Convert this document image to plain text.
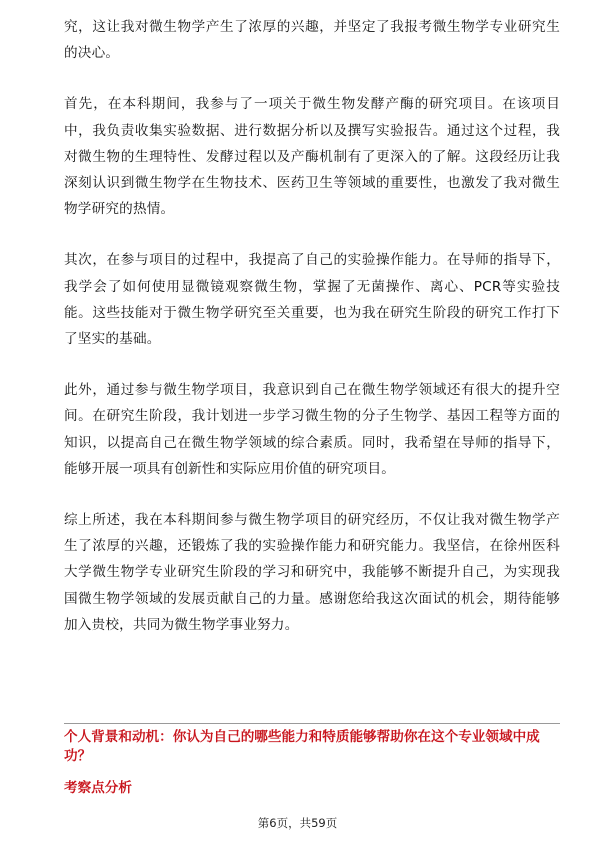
究，这让我对微生物学产生了浓厚的兴趣，并坚定了我报考微生物学专业研究生的决心。

首先，在本科期间，我参与了一项关于微生物发酵产酶的研究项目。在该项目中，我负责收集实验数据、进行数据分析以及撰写实验报告。通过这个过程，我对微生物的生理特性、发酵过程以及产酶机制有了更深入的了解。这段经历让我深刻认识到微生物学在生物技术、医药卫生等领域的重要性，也激发了我对微生物学研究的热情。

其次，在参与项目的过程中，我提高了自己的实验操作能力。在导师的指导下，我学会了如何使用显微镜观察微生物，掌握了无菌操作、离心、PCR等实验技能。这些技能对于微生物学研究至关重要，也为我在研究生阶段的研究工作打下了坚实的基础。

此外，通过参与微生物学项目，我意识到自己在微生物学领域还有很大的提升空间。在研究生阶段，我计划进一步学习微生物的分子生物学、基因工程等方面的知识，以提高自己在微生物学领域的综合素质。同时，我希望在导师的指导下，能够开展一项具有创新性和实际应用价值的研究项目。

综上所述，我在本科期间参与微生物学项目的研究经历，不仅让我对微生物学产生了浓厚的兴趣，还锻炼了我的实验操作能力和研究能力。我坚信，在徐州医科大学微生物学专业研究生阶段的学习和研究中，我能够不断提升自己，为实现我国微生物学领域的发展贡献自己的力量。感谢您给我这次面试的机会，期待能够加入贵校，共同为微生物学事业努力。

个人背景和动机：你认为自己的哪些能力和特质能够帮助你在这个专业领域中成功？

考察点分析

第6页，共59页
